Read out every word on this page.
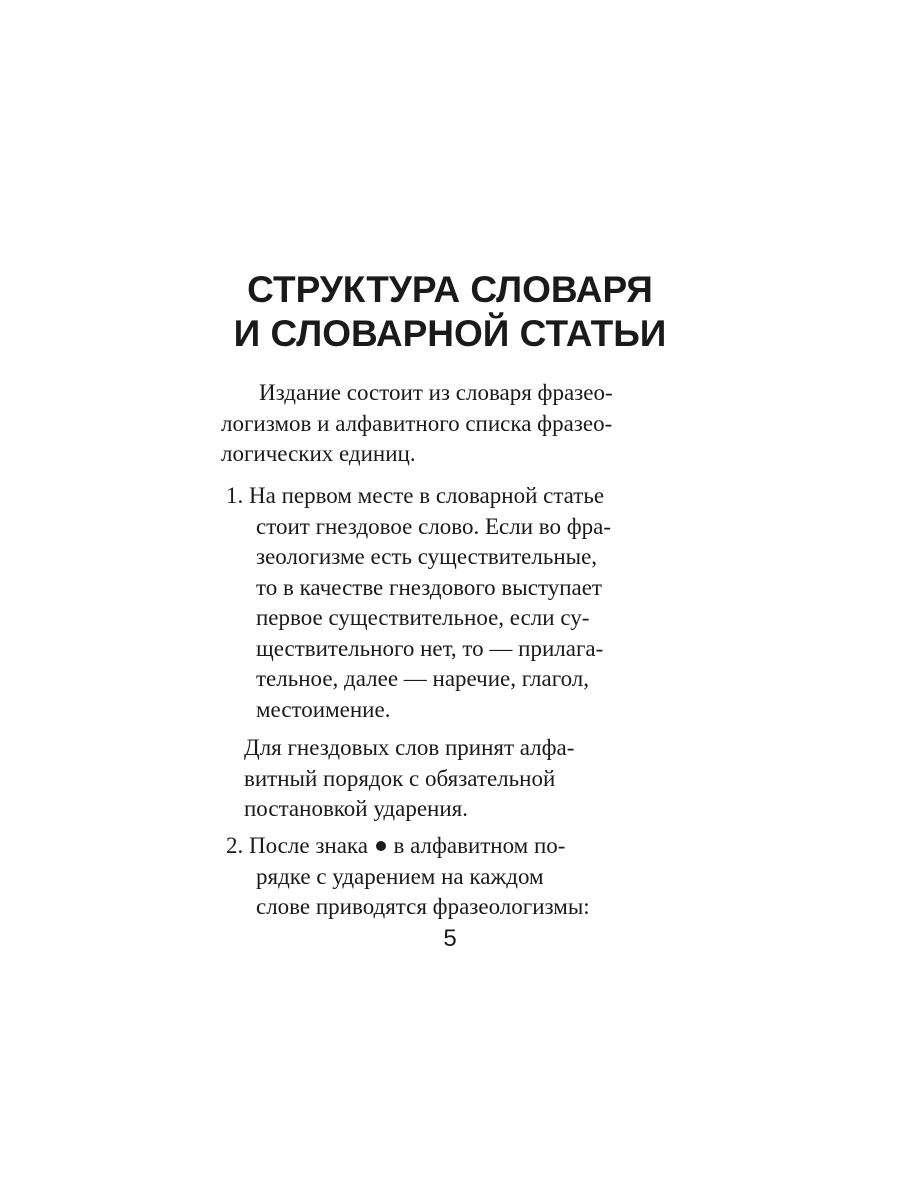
СТРУКТУРА СЛОВАРЯ
И СЛОВАРНОЙ СТАТЬИ
Издание состоит из словаря фразео-
логизмов и алфавитного списка фразео-
логических единиц.
1. На первом месте в словарной статье
стоит гнездовое слово. Если во фра-
зеологизме есть существительные,
то в качестве гнездового выступает
первое существительное, если су-
ществительного нет, то — прилага-
тельное, далее — наречие, глагол,
местоимение.
Для гнездовых слов принят алфа-
витный порядок с обязательной
постановкой ударения.
2. После знака в алфавитном по-
рядке с ударением на каждом
слове приводятся фразеологизмы:
5
